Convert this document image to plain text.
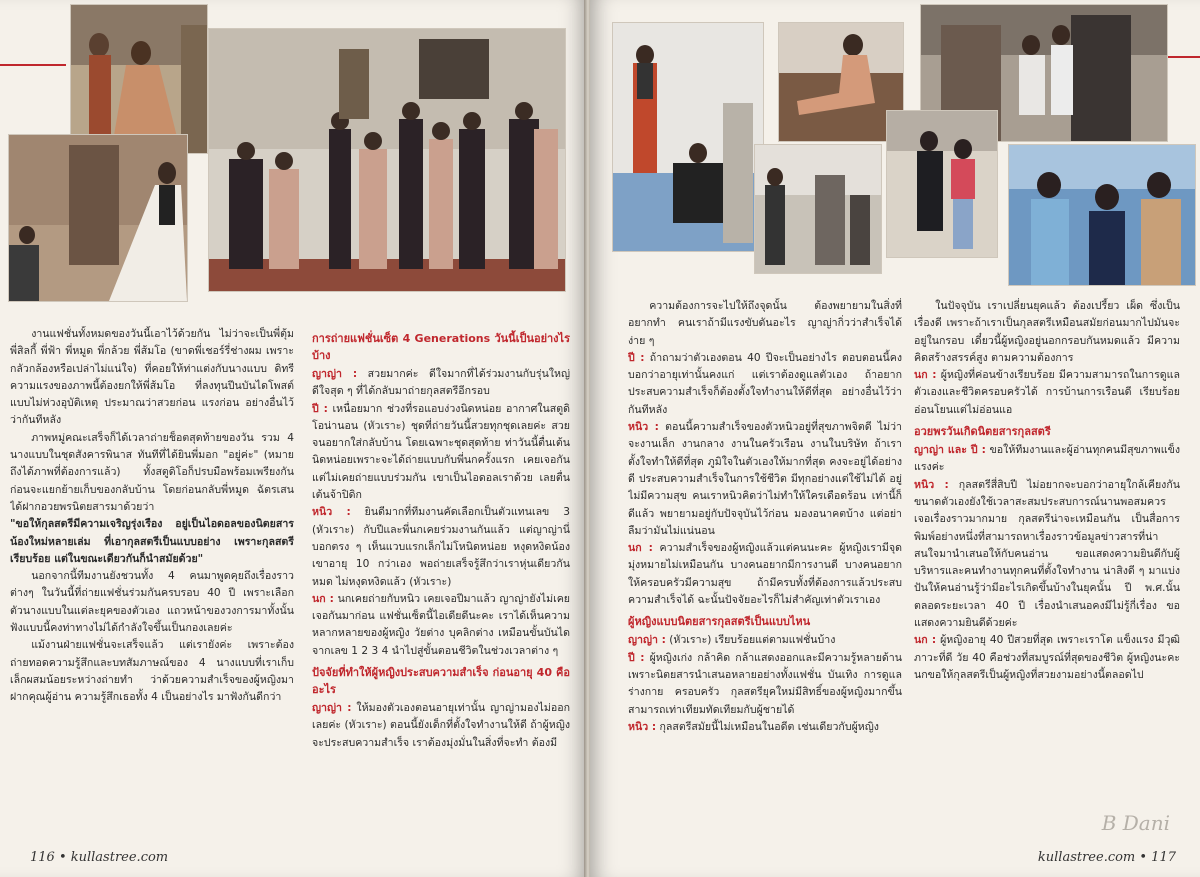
งานแฟชั่นทั้งหมดของวันนี้เอาไว้ด้วยกัน ไม่ว่าจะเป็นพี่ตุ้ม พี่สิลกี้ พี่ฟ้า พี่หมูด พี่กล้วย พี่ส้มโอ (ขาดพี่เชอร์รี่ช่างผม เพราะกลัวกล้องหรือเปล่าไม่แน่ใจ) ที่คอยให้ท่าแต่งกับนางแบบ ดิทรีความแรงของภาพนี้ต้องยกให้พี่ส้มโอ ที่ลงทุนปีนบันไดโพสต์แบบไม่ห่วงอุบัติเหตุ ประมาณว่าสวยก่อน แรงก่อน อย่างอื่นไว้ว่ากันทีหลัง

ภาพหมู่คณะเสร็จก็ได้เวลาถ่ายช็อตสุดท้ายของวัน รวม 4 นางแบบในชุดสังคารพินาส ทันทีที่ได้ยินพี่มอก "อยู่ค่ะ" (หมายถึงได้ภาพที่ต้องการแล้ว) ทั้งสตูดิโอก็ปรบมือพร้อมเพรียงกัน ก่อนจะแยกย้ายเก็บของกลับบ้าน โดยก่อนกลับพี่หมูด ฉัตรเสน ได้ฝากอวยพรนิตยสารมาด้วยว่า

"ขอให้กุลสตรีมีความเจริญรุ่งเรือง อยู่เป็นไอดอลของนิตยสารน้องใหม่หลายเล่ม ที่เอากุลสตรีเป็นแบบอย่าง เพราะกุลสตรีเรียบร้อย แต่ในขณะเดียวกันก็นำสมัยด้วย"

นอกจากนี้ทีมงานยังชวนทั้ง 4 คนมาพูดคุยถึงเรื่องราวต่างๆ ในวันนี้ที่ถ่ายแฟชั่นร่วมกันครบรอบ 40 ปี เพราะเลือกตัวนางแบบในแต่ละยุคของตัวเอง แถวหน้าของวงการมาทั้งนั้น ฟังแบบนี้คงท่าทางไม่ได้กำลังใจขึ้นเป็นกองเลยค่ะ

แม้งานฝ่ายแฟชั่นจะเสร็จแล้ว แต่เรายังค่ะ เพราะต้องถ่ายทอดความรู้สึกและบทสัมภาษณ์ของ 4 นางแบบที่เราเก็บเล็กผสมน้อยระหว่างถ่ายทำ ว่าด้วยความสำเร็จของผู้หญิงมาฝากคุณผู้อ่าน ความรู้สึกเธอทั้ง 4 เป็นอย่างไร มาฟังกันดีกว่า

การถ่ายแฟชั่นเซ็ต 4 Generations วันนี้เป็นอย่างไรบ้าง

ญาญ่า : สวยมากค่ะ ดีใจมากที่ได้ร่วมงานกับรุ่นใหญ่ ดีใจสุด ๆ ที่ได้กลับมาถ่ายกุลสตรีอีกรอบ

ปี : เหนื่อยมาก ช่วงที่รอแอบง่วงนิดหน่อย อากาศในสตูดิโอน่านอน (หัวเราะ) ชุดที่ถ่ายวันนี้สวยทุกชุดเลยค่ะ สวยจนอยากใส่กลับบ้าน โดยเฉพาะชุดสุดท้าย ท่าวันนี้ตื่นเต้นนิดหน่อยเพราะจะได้ถ่ายแบบกับพี่นกครั้งแรก เคยเจอกันแต่ไม่เคยถ่ายแบบร่วมกัน เขาเป็นไอดอลเราด้วย เลยตื่นเต้นจ้าปิดิก

หนิว : ยินดีมากที่ทีมงานคัดเลือกเป็นตัวแทนเลข 3 (หัวเราะ) กับปีและพี่นกเคยร่วมงานกันแล้ว แต่ญาญ่านี่บอกตรง ๆ เห็นแวบแรกเล็กไม่โหนิดหน่อย หงุดหงิดน้องเขาอายุ 10 กว่าเอง พอถ่ายเสร็จรู้สึกว่าเราหุ่นเดียวกันหมด ไม่หงุดหงิดแล้ว (หัวเราะ)

นก : นกเคยถ่ายกับหนิว เคยเจอปีมาแล้ว ญาญ่ายังไม่เคยเจอกันมาก่อน แฟชั่นเซ็ตนี้ไอเดียดีนะคะ เราได้เห็นความหลากหลายของผู้หญิง วัยต่าง บุคลิกต่าง เหมือนขั้นบันไดจากเลข 1 2 3 4 นำไปสู่ขั้นตอนชีวิตในช่วงเวลาต่าง ๆ

ปัจจัยที่ทำให้ผู้หญิงประสบความสำเร็จ ก่อนอายุ 40 คืออะไร

ญาญ่า : ให้มองตัวเองตอนอายุเท่านั้น ญาญ่ามองไม่ออกเลยค่ะ (หัวเราะ) ตอนนี้ยังเด็กที่ตั้งใจทำงานให้ดี ถ้าผู้หญิงจะประสบความสำเร็จ เราต้องมุ่งมั่นในสิ่งที่จะทำ ต้องมี

116 • kullastree.com

ความต้องการจะไปให้ถึงจุดนั้น ต้องพยายามในสิ่งที่อยากทำ คนเราถ้ามีแรงขับดันอะไร ญาญ่ากิ่วว่าสำเร็จได้ง่าย ๆ

ปี : ถ้าถามว่าตัวเองตอน 40 ปีจะเป็นอย่างไร ตอบตอนนี้คงบอกว่าอายุเท่านั้นคงแก่ แต่เราต้องดูแลตัวเอง ถ้าอยากประสบความสำเร็จก็ต้องตั้งใจทำงานให้ดีที่สุด อย่างอื่นไว้ว่ากันทีหลัง

หนิว : ตอนนี้ความสำเร็จของตัวหนิวอยู่ที่สุขภาพจิตดี ไม่ว่าจะงานเล็ก งานกลาง งานในครัวเรือน งานในบริษัท ถ้าเราตั้งใจทำให้ดีที่สุด ภูมิใจในตัวเองให้มากที่สุด คงจะอยู่ได้อย่างดี ประสบความสำเร็จในการใช้ชีวิต มีทุกอย่างแต่ใช้ไม่ได้ อยู่ไม่มีความสุข คนเราหนิวคิดว่าไม่ทำให้ใครเดือดร้อน เท่านี้ก็ดีแล้ว พยายามอยู่กับปัจจุบันไว้ก่อน มองอนาคตบ้าง แต่อย่าลืมว่ามันไม่แน่นอน

นก : ความสำเร็จของผู้หญิงแล้วแต่คนนะคะ ผู้หญิงเรามีจุดมุ่งหมายไม่เหมือนกัน บางคนอยากมีการงานดี บางคนอยากให้ครอบครัวมีความสุข ถ้ามีครบทั้งที่ต้องการแล้วประสบความสำเร็จได้ ฉะนั้นปัจจัยอะไรก็ไม่สำคัญเท่าตัวเราเอง

ผู้หญิงแบบนิตยสารกุลสตรีเป็นแบบไหน

ญาญ่า : (หัวเราะ) เรียบร้อยแต่ตามแฟชั่นบ้าง

ปี : ผู้หญิงเก่ง กล้าคิด กล้าแสดงออกและมีความรู้หลายด้าน เพราะนิตยสารนำเสนอหลายอย่างทั้งแฟชั่น บันเทิง การดูแลร่างกาย ครอบครัว กุลสตรียุคใหม่มีสิทธิ์ของผู้หญิงมากขึ้น สามารถเท่าเทียมทัดเทียมกับผู้ชายได้

หนิว : กุลสตรีสมัยนี้ไม่เหมือนในอดีต เช่นเดียวกับผู้หญิง

ในปัจจุบัน เราเปลี่ยนยุคแล้ว ต้องเปรี้ยว เผ็ด ซึ่งเป็นเรื่องดี เพราะถ้าเราเป็นกุลสตรีเหมือนสมัยก่อนมากไปมันจะอยู่ในกรอบ เดี๋ยวนี้ผู้หญิงอยู่นอกกรอบกันหมดแล้ว มีความคิดสร้างสรรค์สูง ตามความต้องการ

นก : ผู้หญิงที่ค่อนข้างเรียบร้อย มีความสามารถในการดูแลตัวเองและชีวิตครอบครัวได้ การบ้านการเรือนดี เรียบร้อย อ่อนโยนแต่ไม่อ่อนแอ

อวยพรวันเกิดนิตยสารกุลสตรี

ญาญ่า และ ปี : ขอให้ทีมงานและผู้อ่านทุกคนมีสุขภาพแข็งแรงค่ะ

หนิว : กุลสตรีสี่สิบปี ไม่อยากจะบอกว่าอายุใกล้เคียงกัน ขนาดตัวเองยังใช้เวลาสะสมประสบการณ์นานพอสมควร เจอเรื่องราวมากมาย กุลสตรีน่าจะเหมือนกัน เป็นสื่อการพิมพ์อย่างหนึ่งที่สามารถหาเรื่องราวข้อมูลข่าวสารที่น่าสนใจมานำเสนอให้กับคนอ่าน ขอแสดงความยินดีกับผู้บริหารและคนทำงานทุกคนที่ตั้งใจทำงาน น่าสิงดี ๆ มาแบ่งปันให้คนอ่านรู้ว่ามีอะไรเกิดขึ้นบ้างในยุคนั้น ปี พ.ศ.นั้น ตลอดระยะเวลา 40 ปี เรื่องนำเสนอคงมีไม่รู้กี่เรื่อง ขอแสดงความยินดีด้วยค่ะ

นก : ผู้หญิงอายุ 40 ปีสวยที่สุด เพราะเราโต แข็งแรง มีวุฒิภาวะที่ดี วัย 40 คือช่วงที่สมบูรณ์ที่สุดของชีวิต ผู้หญิงนะคะ นกขอให้กุลสตรีเป็นผู้หญิงที่สวยงามอย่างนี้ตลอดไป

B Dani
kullastree.com • 117
